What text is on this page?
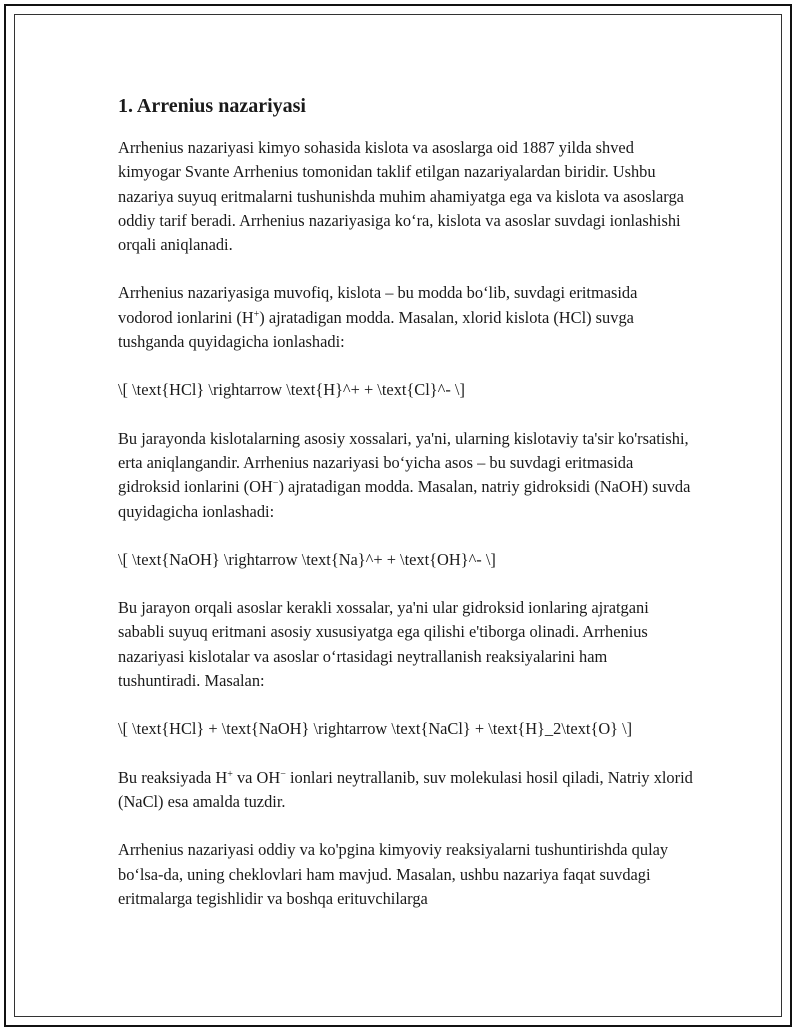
1. Arrenius nazariyasi

Arrhenius nazariyasi kimyo sohasida kislota va asoslarga oid 1887 yilda shved kimyogar Svante Arrhenius tomonidan taklif etilgan nazariyalardan biridir. Ushbu nazariya suyuq eritmalarni tushunishda muhim ahamiyatga ega va kislota va asoslarga oddiy tarif beradi. Arrhenius nazariyasiga ko‘ra, kislota va asoslar suvdagi ionlashishi orqali aniqlanadi.

Arrhenius nazariyasiga muvofiq, kislota – bu modda bo‘lib, suvdagi eritmasida vodorod ionlarini (H+) ajratadigan modda. Masalan, xlorid kislota (HCl) suvga tushganda quyidagicha ionlashadi:

\[ \text{HCl} \rightarrow \text{H}^+ + \text{Cl}^- \]

Bu jarayonda kislotalarning asosiy xossalari, ya'ni, ularning kislotaviy ta'sir ko'rsatishi, erta aniqlangandir. Arrhenius nazariyasi bo‘yicha asos – bu suvdagi eritmasida gidroksid ionlarini (OH−) ajratadigan modda. Masalan, natriy gidroksidi (NaOH) suvda quyidagicha ionlashadi:

\[ \text{NaOH} \rightarrow \text{Na}^+ + \text{OH}^- \]

Bu jarayon orqali asoslar kerakli xossalar, ya'ni ular gidroksid ionlaring ajratgani sababli suyuq eritmani asosiy xususiyatga ega qilishi e'tiborga olinadi. Arrhenius nazariyasi kislotalar va asoslar o‘rtasidagi neytrallanish reaksiyalarini ham tushuntiradi. Masalan:

\[ \text{HCl} + \text{NaOH} \rightarrow \text{NaCl} + \text{H}_2\text{O} \]

Bu reaksiyada H+ va OH− ionlari neytrallanib, suv molekulasi hosil qiladi, Natriy xlorid (NaCl) esa amalda tuzdir.

Arrhenius nazariyasi oddiy va ko'pgina kimyoviy reaksiyalarni tushuntirishda qulay bo‘lsa-da, uning cheklovlari ham mavjud. Masalan, ushbu nazariya faqat suvdagi eritmalarga tegishlidir va boshqa erituvchilarga
